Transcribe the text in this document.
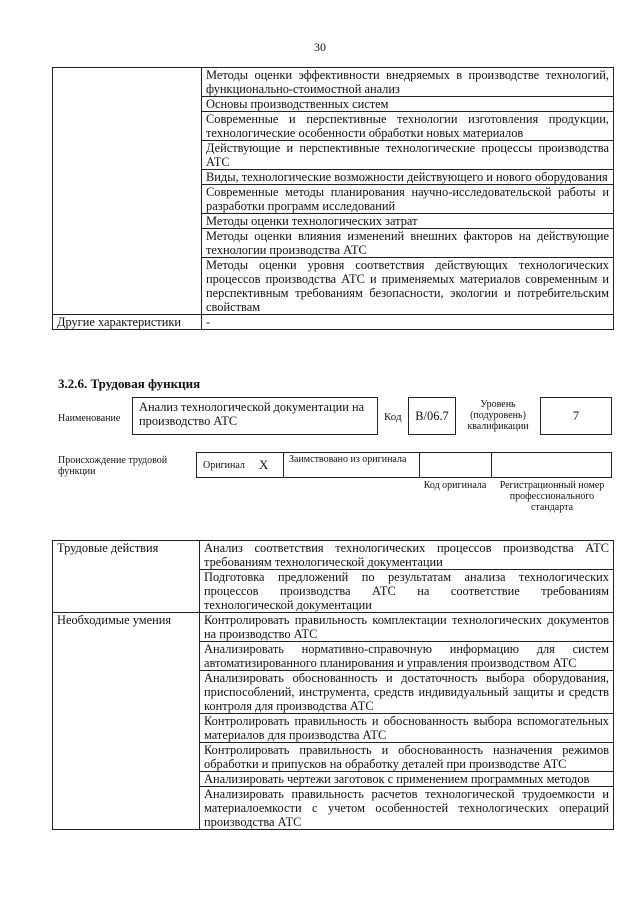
30
	Методы оценки эффективности внедряемых в производстве технологий, функционально-стоимостной анализ
	Основы производственных систем
	Современные и перспективные технологии изготовления продукции, технологические особенности обработки новых материалов
	Действующие и перспективные технологические процессы производства АТС
	Виды, технологические возможности действующего и нового оборудования
	Современные методы планирования научно-исследовательской работы и разработки программ исследований
	Методы оценки технологических затрат
	Методы оценки влияния изменений внешних факторов на действующие технологии производства АТС
	Методы оценки уровня соответствия действующих технологических процессов производства АТС и применяемых материалов современным и перспективным требованиям безопасности, экологии и потребительским свойствам
Другие характеристики	-
3.2.6. Трудовая функция
Наименование
Анализ технологической документации на производство АТС	Код	B/06.7
Уровень (подуровень) квалификации
7
Происхождение трудовой функции
Оригинал X Заимствовано из оригинала
Код оригинала	Регистрационный номер профессионального стандарта
Трудовые действия	Анализ соответствия технологических процессов производства АТС требованиям технологической документации
	Подготовка предложений по результатам анализа технологических процессов производства АТС на соответствие требованиям технологической документации
Необходимые умения	Контролировать правильность комплектации технологических документов на производство АТС
	Анализировать нормативно-справочную информацию для систем автоматизированного планирования и управления производством АТС
	Анализировать обоснованность и достаточность выбора оборудования, приспособлений, инструмента, средств индивидуальный защиты и средств контроля для производства АТС
	Контролировать правильность и обоснованность выбора вспомогательных материалов для производства АТС
	Контролировать правильность и обоснованность назначения режимов обработки и припусков на обработку деталей при производстве АТС
	Анализировать чертежи заготовок с применением программных методов
	Анализировать правильность расчетов технологической трудоемкости и материалоемкости с учетом особенностей технологических операций производства АТС
